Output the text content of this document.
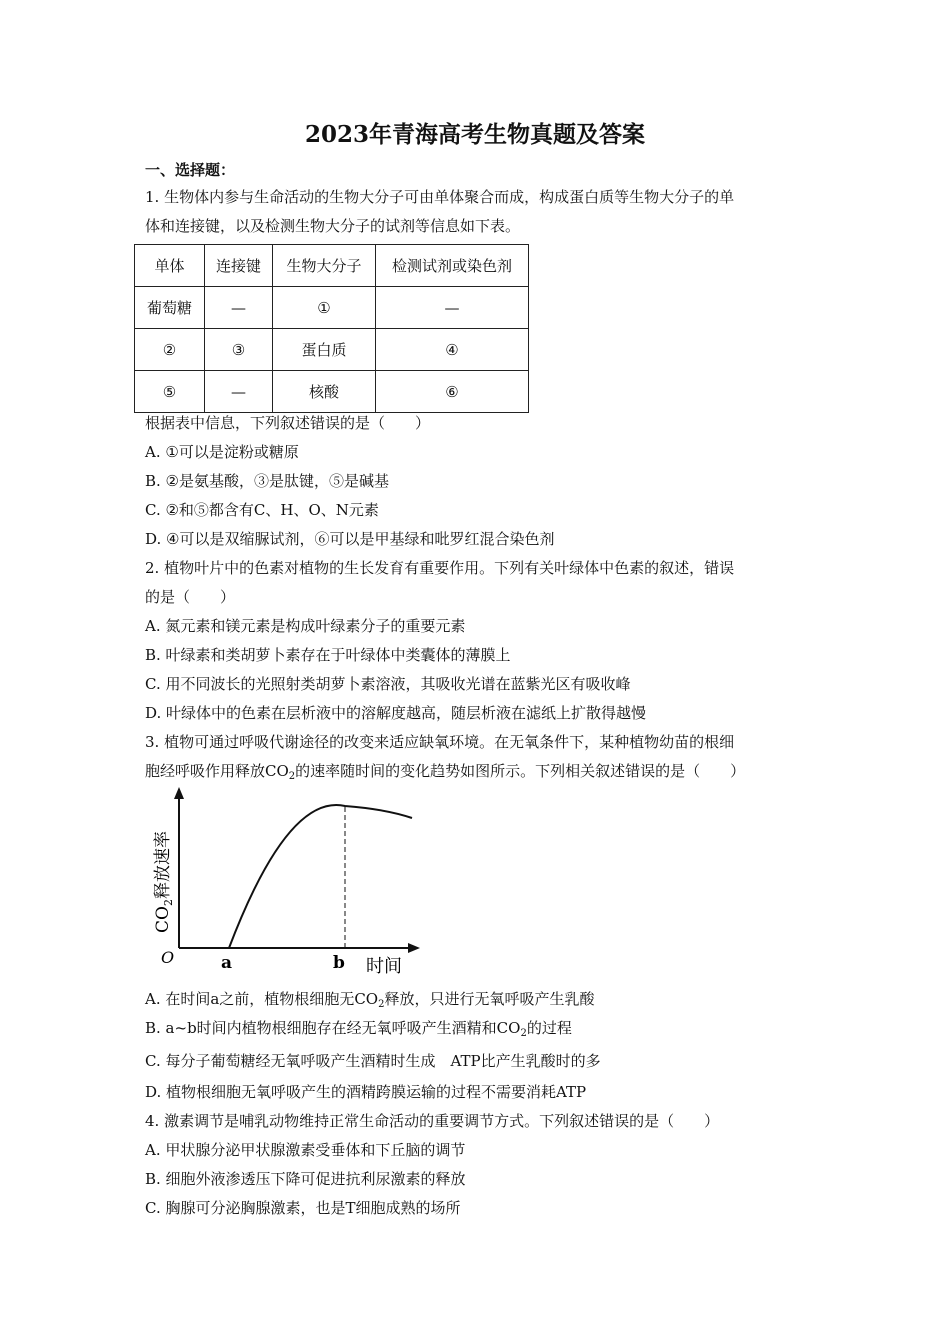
2023年青海高考生物真题及答案
一、选择题：
1. 生物体内参与生命活动的生物大分子可由单体聚合而成，构成蛋白质等生物大分子的单
体和连接键，以及检测生物大分子的试剂等信息如下表。
单体	连接键	生物大分子	检测试剂或染色剂
葡萄糖	—	①	—
②	③	蛋白质	④
⑤	—	核酸	⑥
根据表中信息，下列叙述错误的是（　　）
A. ①可以是淀粉或糖原
B. ②是氨基酸，③是肽键，⑤是碱基
C. ②和⑤都含有C、H、O、N元素
D. ④可以是双缩脲试剂，⑥可以是甲基绿和吡罗红混合染色剂
2. 植物叶片中的色素对植物的生长发育有重要作用。下列有关叶绿体中色素的叙述，错误
的是（　　）
A. 氮元素和镁元素是构成叶绿素分子的重要元素
B. 叶绿素和类胡萝卜素存在于叶绿体中类囊体的薄膜上
C. 用不同波长的光照射类胡萝卜素溶液，其吸收光谱在蓝紫光区有吸收峰
D. 叶绿体中的色素在层析液中的溶解度越高，随层析液在滤纸上扩散得越慢
3. 植物可通过呼吸代谢途径的改变来适应缺氧环境。在无氧条件下，某种植物幼苗的根细
胞经呼吸作用释放$CO_2$的速率随时间的变化趋势如图所示。下列相关叙述错误的是（　　）
$CO_2$释放速率
O	a	b 时间
A. 在时间a之前，植物根细胞无$CO_2$释放，只进行无氧呼吸产生乳酸
B. a~b时间内植物根细胞存在经无氧呼吸产生酒精和$CO_2$的过程
C. 每分子葡萄糖经无氧呼吸产生酒精时生成　ATP比产生乳酸时的多
D. 植物根细胞无氧呼吸产生的酒精跨膜运输的过程不需要消耗ATP
4. 激素调节是哺乳动物维持正常生命活动的重要调节方式。下列叙述错误的是（　　）
A. 甲状腺分泌甲状腺激素受垂体和下丘脑的调节
B. 细胞外液渗透压下降可促进抗利尿激素的释放
C. 胸腺可分泌胸腺激素，也是T细胞成熟的场所
